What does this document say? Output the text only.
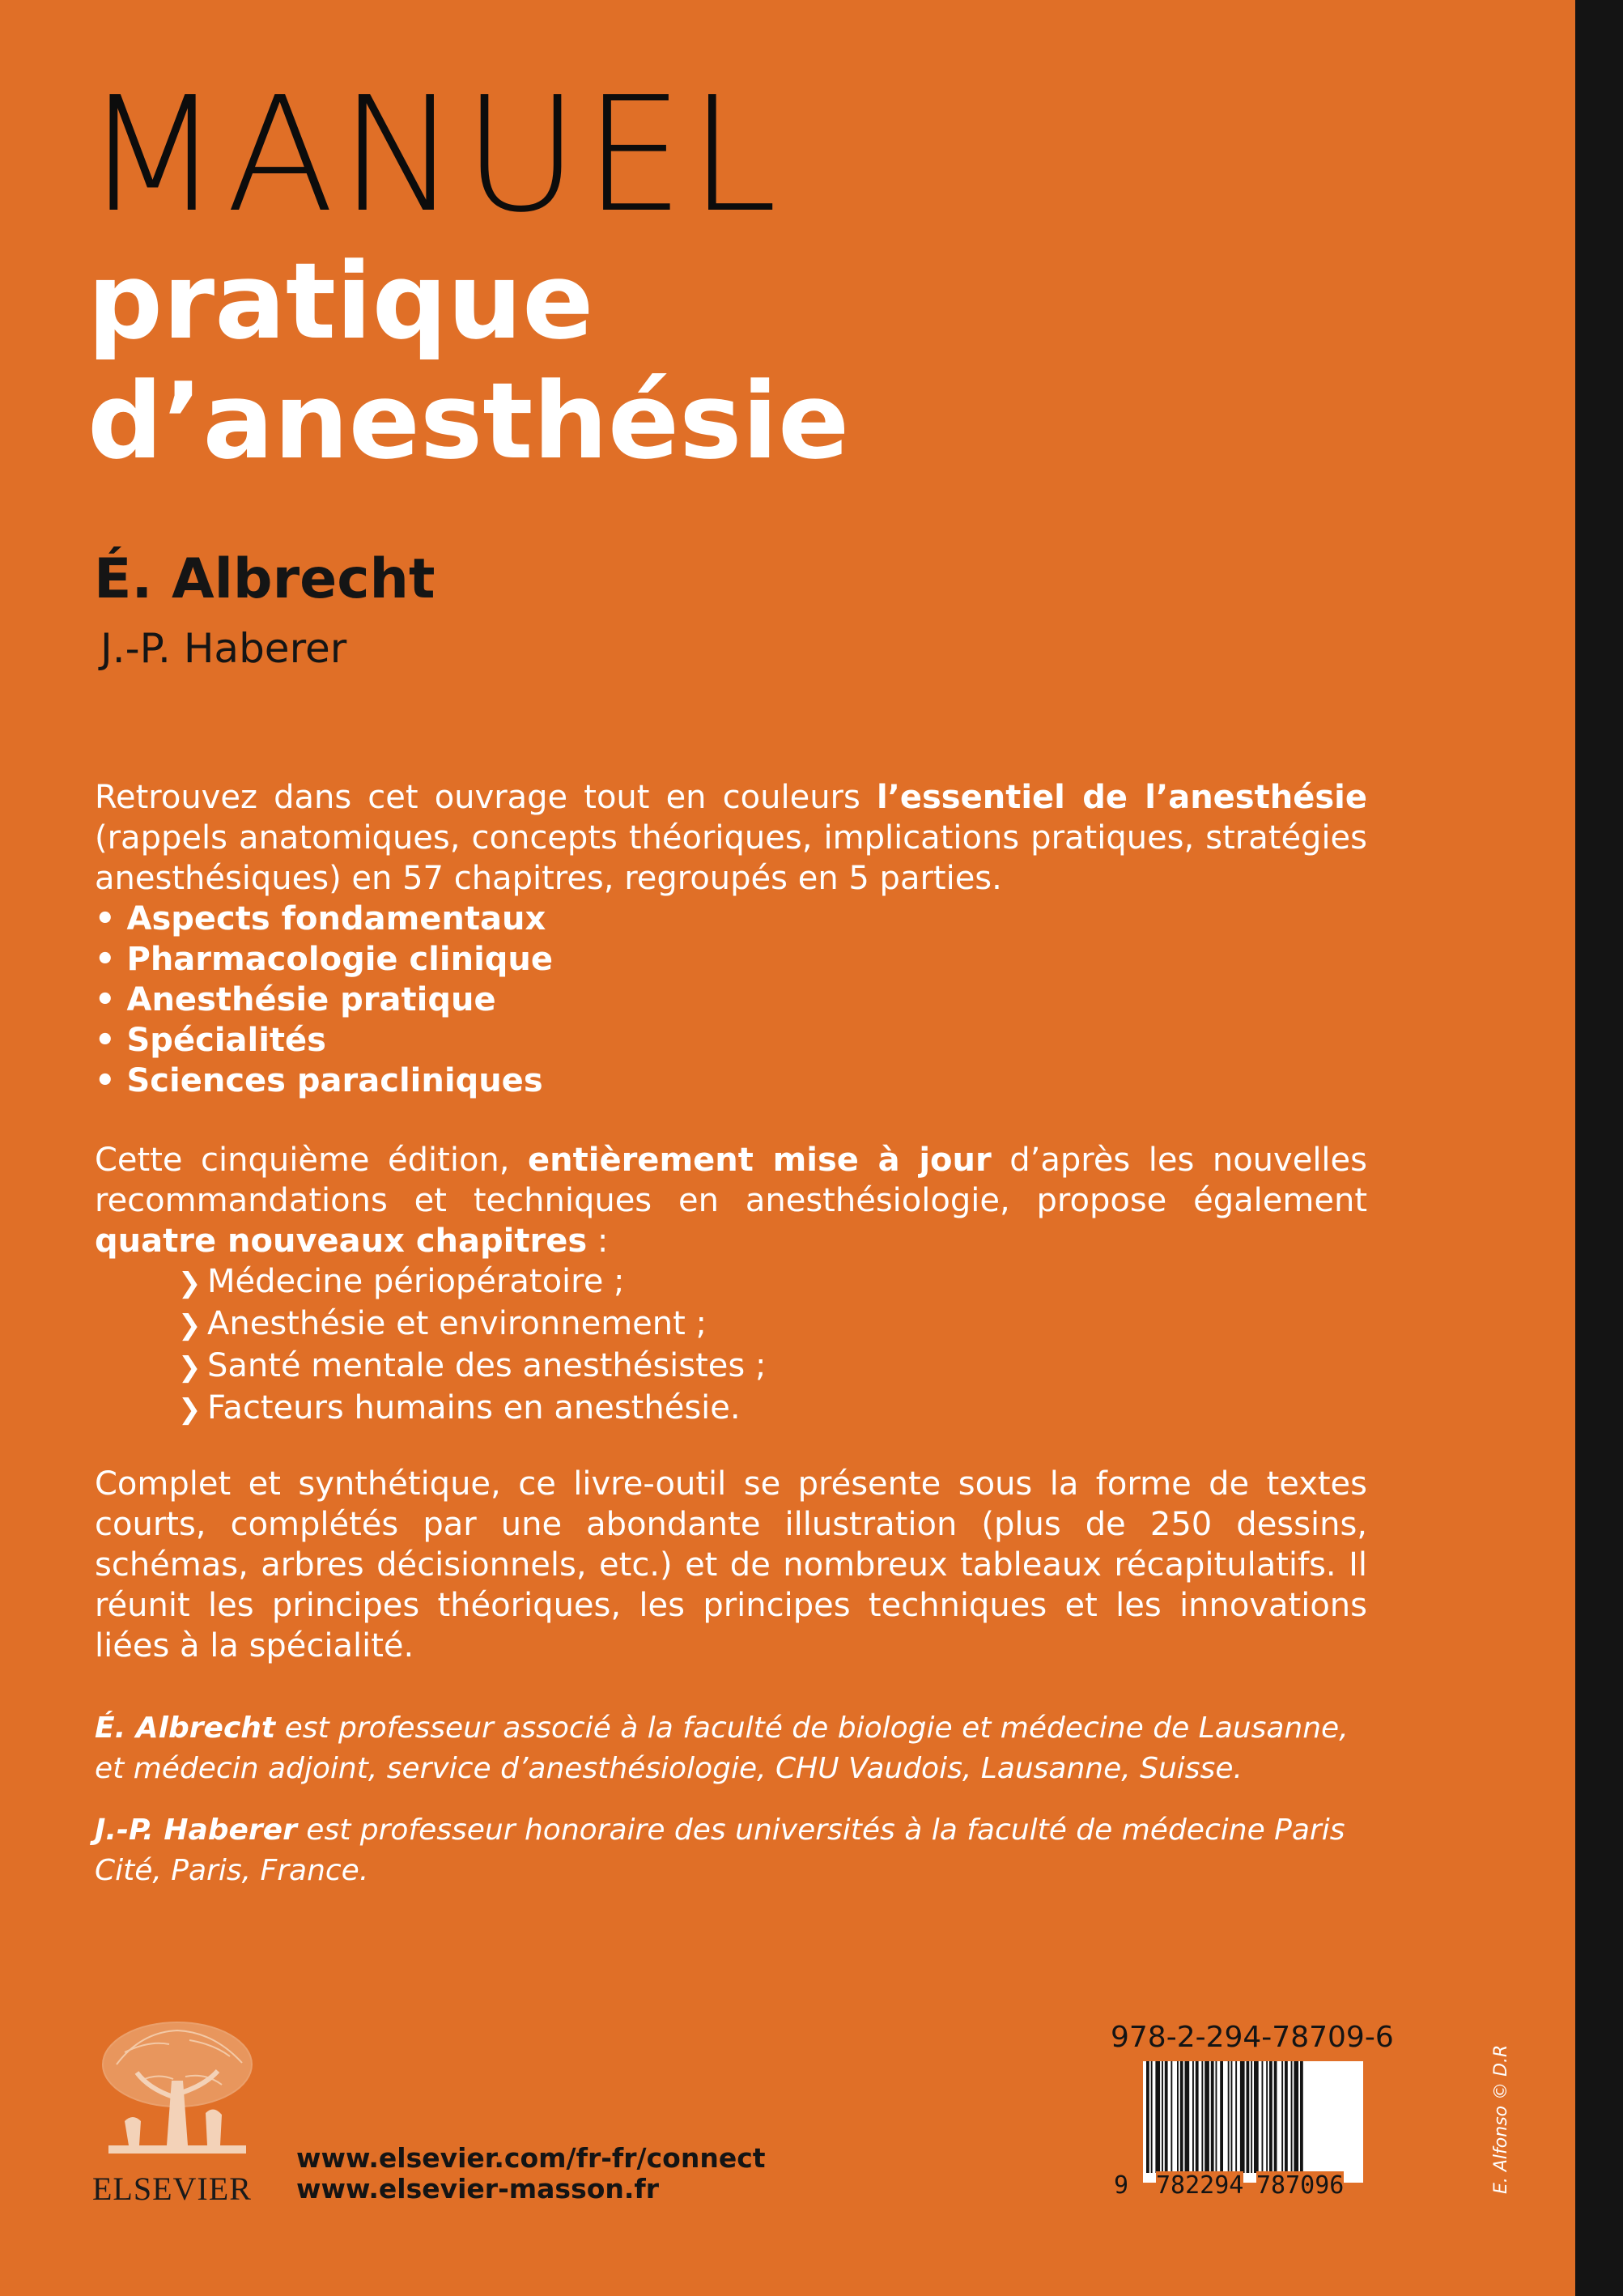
MANUEL
pratique
d’anesthésie
É. Albrecht
J.-P. Haberer
Retrouvez dans cet ouvrage tout en couleurs l’essentiel de l’anesthésie (rappels anatomiques, concepts théoriques, implications pratiques, stratégies anesthésiques) en 57 chapitres, regroupés en 5 parties.
• Aspects fondamentaux
• Pharmacologie clinique
• Anesthésie pratique
• Spécialités
• Sciences paracliniques
Cette cinquième édition, entièrement mise à jour d’après les nouvelles recommandations et techniques en anesthésiologie, propose également quatre nouveaux chapitres :
❯ Médecine périopératoire ;
❯ Anesthésie et environnement ;
❯ Santé mentale des anesthésistes ;
❯ Facteurs humains en anesthésie.
Complet et synthétique, ce livre-outil se présente sous la forme de textes courts, complétés par une abondante illustration (plus de 250 dessins, schémas, arbres décisionnels, etc.) et de nombreux tableaux récapitulatifs. Il réunit les principes théoriques, les principes techniques et les innovations liées à la spécialité.
É. Albrecht est professeur associé à la faculté de biologie et médecine de Lausanne, et médecin adjoint, service d’anesthésiologie, CHU Vaudois, Lausanne, Suisse.
J.-P. Haberer est professeur honoraire des universités à la faculté de médecine Paris Cité, Paris, France.
ELSEVIER
www.elsevier.com/fr-fr/connect
www.elsevier-masson.fr
978-2-294-78709-6
9 782294 787096	E. Alfonso © D.R
